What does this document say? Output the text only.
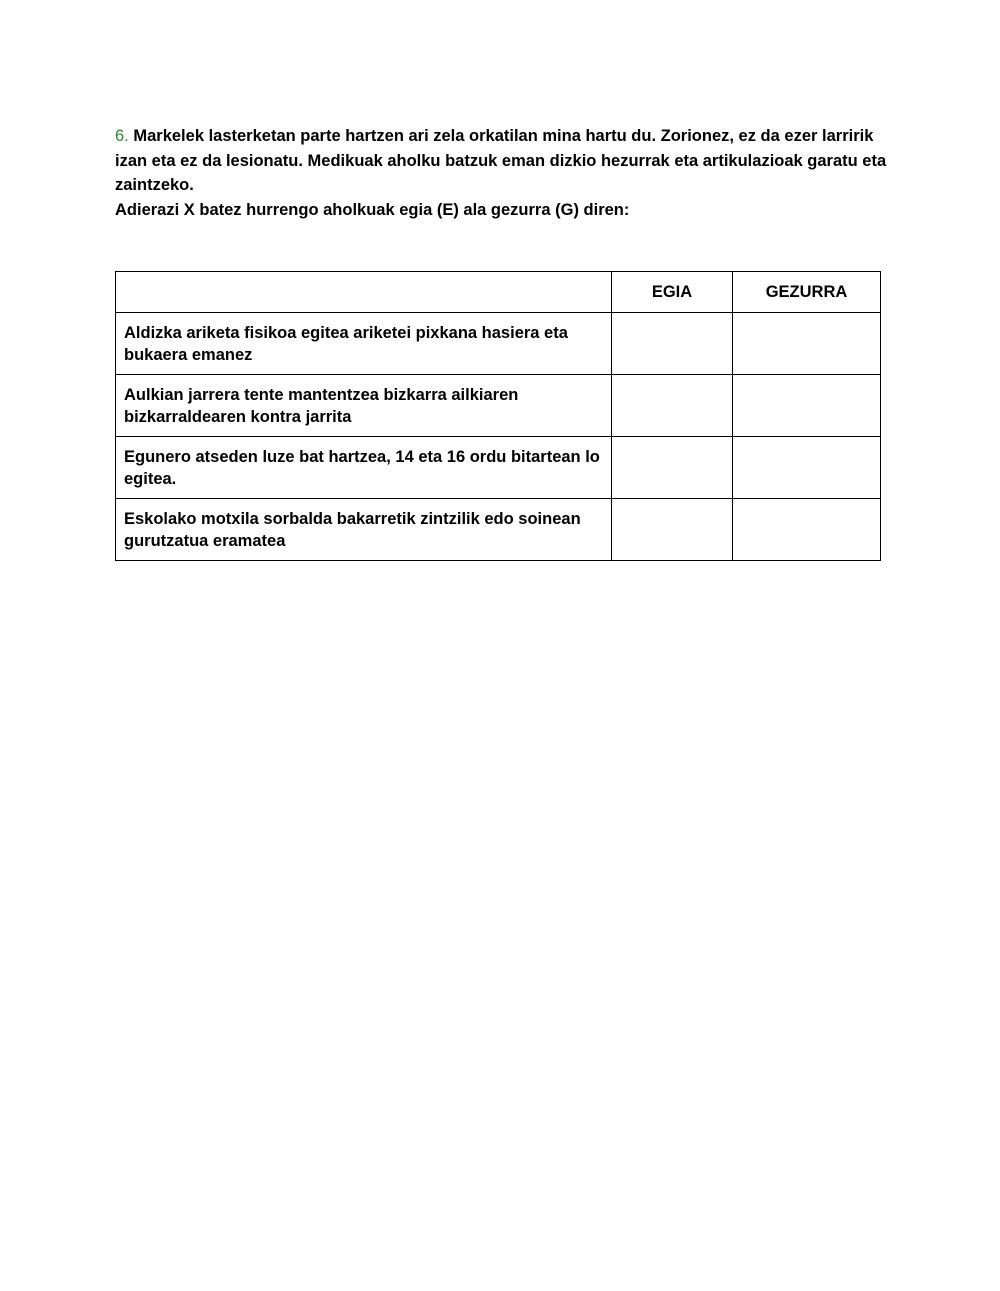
6. Markelek lasterketan parte hartzen ari zela orkatilan mina hartu du. Zorionez, ez da ezer larririk izan eta ez da lesionatu. Medikuak aholku batzuk eman dizkio hezurrak eta artikulazioak garatu eta zaintzeko.

Adierazi X batez hurrengo aholkuak egia (E) ala gezurra (G) diren:

	EGIA	GEZURRA
Aldizka ariketa fisikoa egitea ariketei pixkana hasiera eta bukaera emanez		
Aulkian jarrera tente mantentzea bizkarra ailkiaren bizkarraldearen kontra jarrita		
Egunero atseden luze bat hartzea, 14 eta 16 ordu bitartean lo egitea.		
Eskolako motxila sorbalda bakarretik zintzilik edo soinean gurutzatua eramatea		
